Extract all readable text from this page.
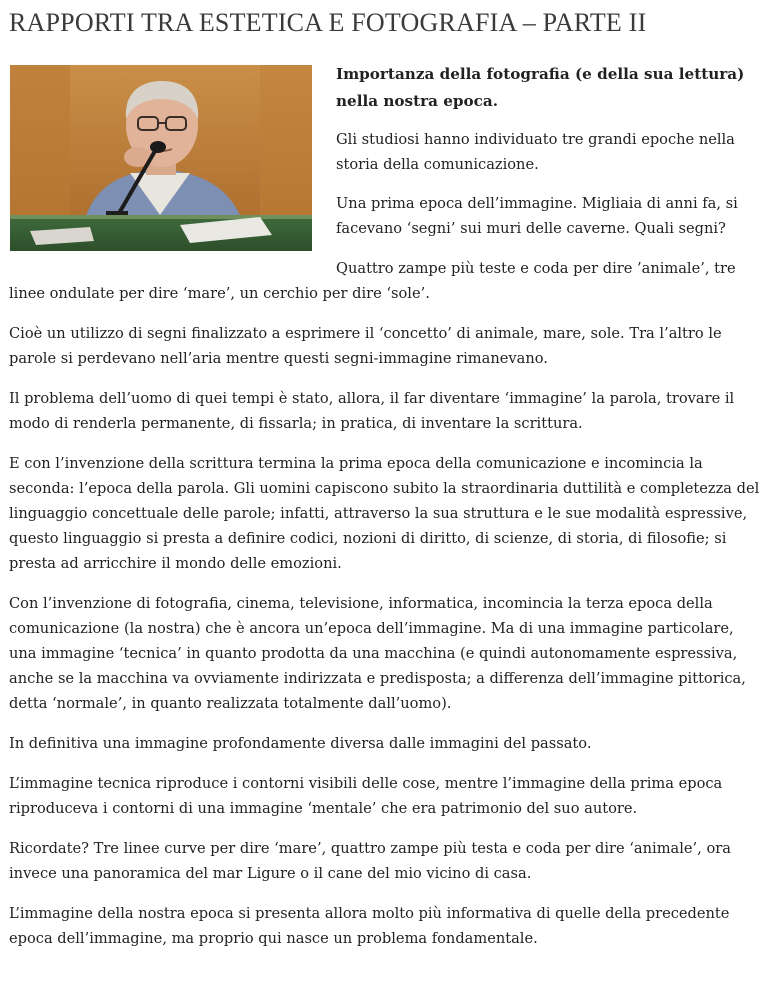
RAPPORTI TRA ESTETICA E FOTOGRAFIA – PARTE II

Importanza della fotografia (e della sua lettura) nella nostra epoca.

Gli studiosi hanno individuato tre grandi epoche nella storia della comunicazione.

Una prima epoca dell’immagine. Migliaia di anni fa, si facevano ‘segni’ sui muri delle caverne. Quali segni?

Quattro zampe più teste e coda per dire ’animale’, tre linee ondulate per dire ‘mare’, un cerchio per dire ‘sole’.

Cioè un utilizzo di segni finalizzato a esprimere il ‘concetto’ di animale, mare, sole. Tra l’altro le parole si perdevano nell’aria mentre questi segni-immagine rimanevano.

Il problema dell’uomo di quei tempi è stato, allora, il far diventare ‘immagine’ la parola, trovare il modo di renderla permanente, di fissarla; in pratica, di inventare la scrittura.

E con l’invenzione della scrittura termina la prima epoca della comunicazione e incomincia la seconda: l’epoca della parola. Gli uomini capiscono subito la straordinaria duttilità e completezza del linguaggio concettuale delle parole; infatti, attraverso la sua struttura e le sue modalità espressive, questo linguaggio si presta a definire codici, nozioni di diritto, di scienze, di storia, di filosofie; si presta ad arricchire il mondo delle emozioni.

Con l’invenzione di fotografia, cinema, televisione, informatica, incomincia la terza epoca della comunicazione (la nostra) che è ancora un’epoca dell’immagine. Ma di una immagine particolare, una immagine ‘tecnica’ in quanto prodotta da una macchina (e quindi autonomamente espressiva, anche se la macchina va ovviamente indirizzata e predisposta; a differenza dell’immagine pittorica, detta ‘normale’, in quanto realizzata totalmente dall’uomo).

In definitiva una immagine profondamente diversa dalle immagini del passato.

L’immagine tecnica riproduce i contorni visibili delle cose, mentre l’immagine della prima epoca riproduceva i contorni di una immagine ‘mentale’ che era patrimonio del suo autore.

Ricordate? Tre linee curve per dire ‘mare’, quattro zampe più testa e coda per dire ‘animale’, ora invece una panoramica del mar Ligure o il cane del mio vicino di casa.

L’immagine della nostra epoca si presenta allora molto più informativa di quelle della precedente epoca dell’immagine, ma proprio qui nasce un problema fondamentale.
